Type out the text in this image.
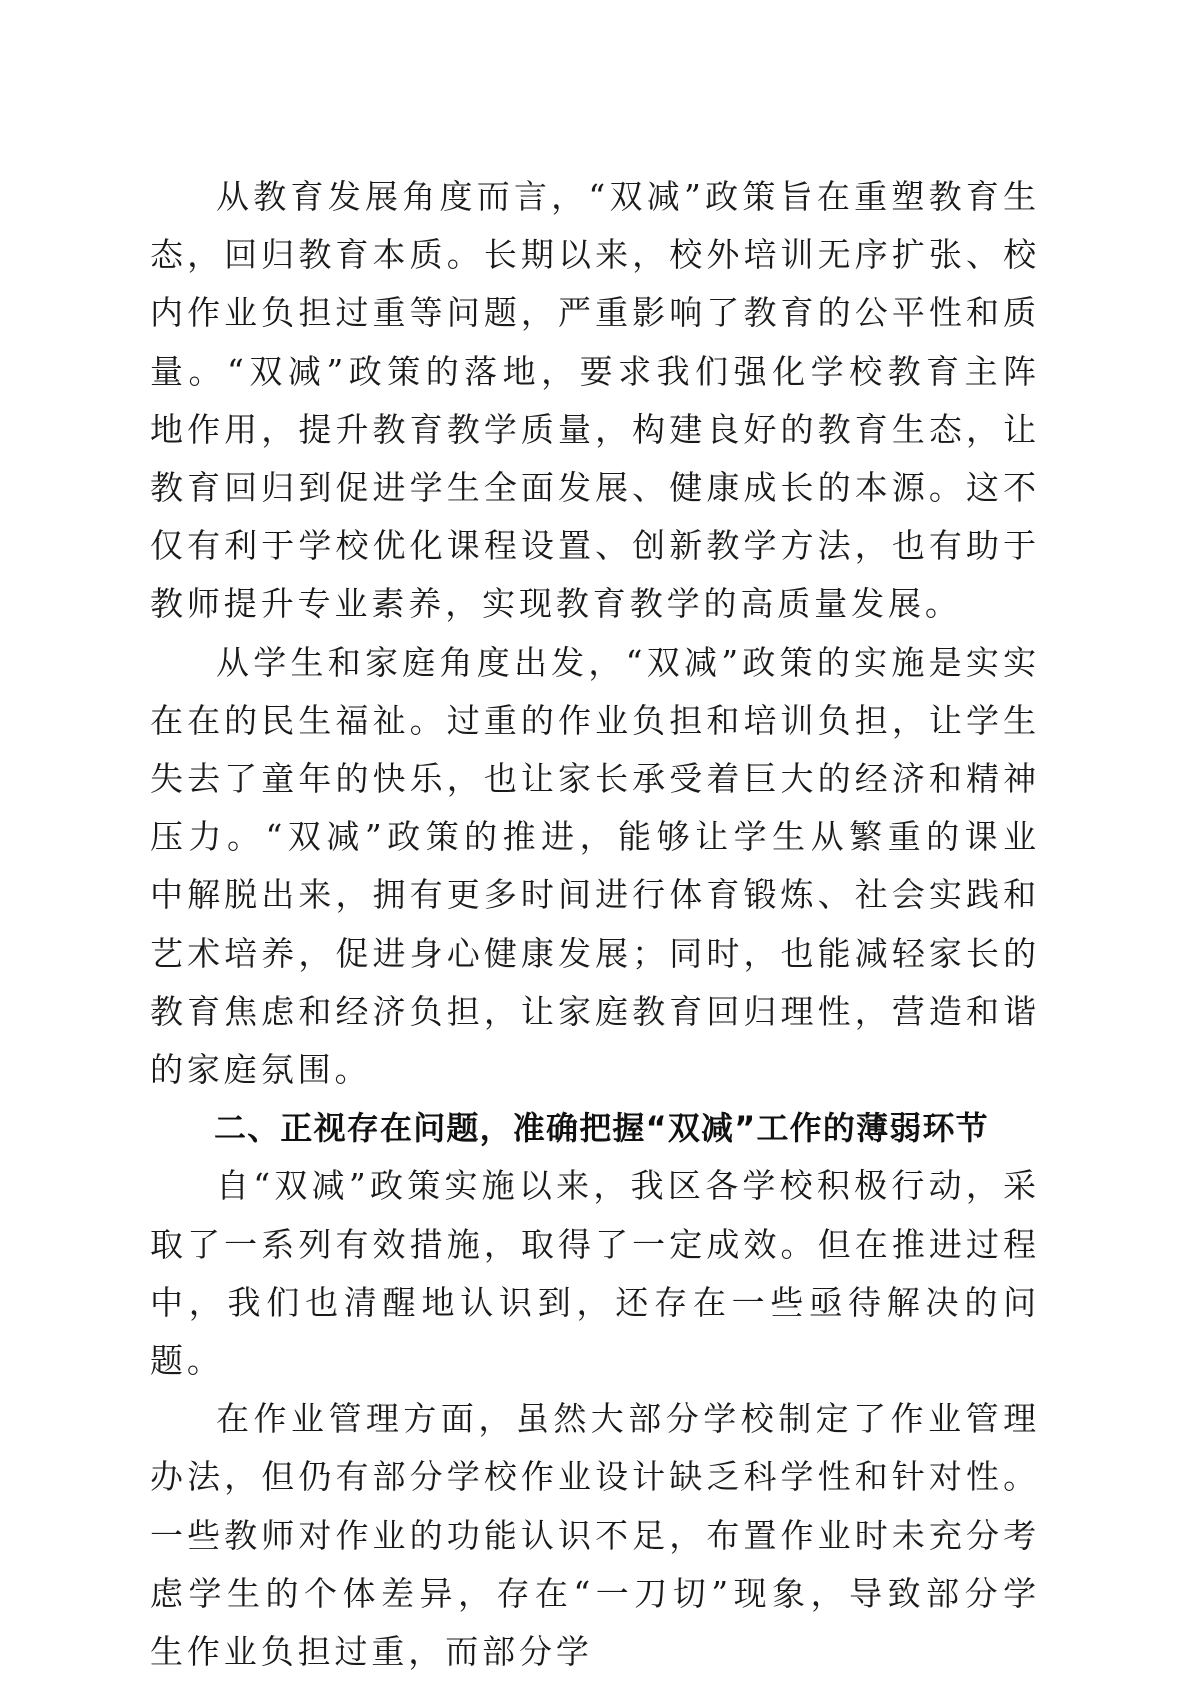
从教育发展角度而言，“双减”政策旨在重塑教育生态，回归教育本质。长期以来，校外培训无序扩张、校内作业负担过重等问题，严重影响了教育的公平性和质量。“双减”政策的落地，要求我们强化学校教育主阵地作用，提升教育教学质量，构建良好的教育生态，让教育回归到促进学生全面发展、健康成长的本源。这不仅有利于学校优化课程设置、创新教学方法，也有助于教师提升专业素养，实现教育教学的高质量发展。

从学生和家庭角度出发，“双减”政策的实施是实实在在的民生福祉。过重的作业负担和培训负担，让学生失去了童年的快乐，也让家长承受着巨大的经济和精神压力。“双减”政策的推进，能够让学生从繁重的课业中解脱出来，拥有更多时间进行体育锻炼、社会实践和艺术培养，促进身心健康发展；同时，也能减轻家长的教育焦虑和经济负担，让家庭教育回归理性，营造和谐的家庭氛围。

二、正视存在问题，准确把握“双减”工作的薄弱环节

自“双减”政策实施以来，我区各学校积极行动，采取了一系列有效措施，取得了一定成效。但在推进过程中，我们也清醒地认识到，还存在一些亟待解决的问题。

在作业管理方面，虽然大部分学校制定了作业管理办法，但仍有部分学校作业设计缺乏科学性和针对性。一些教师对作业的功能认识不足，布置作业时未充分考虑学生的个体差异，存在“一刀切”现象，导致部分学生作业负担过重，而部分学
